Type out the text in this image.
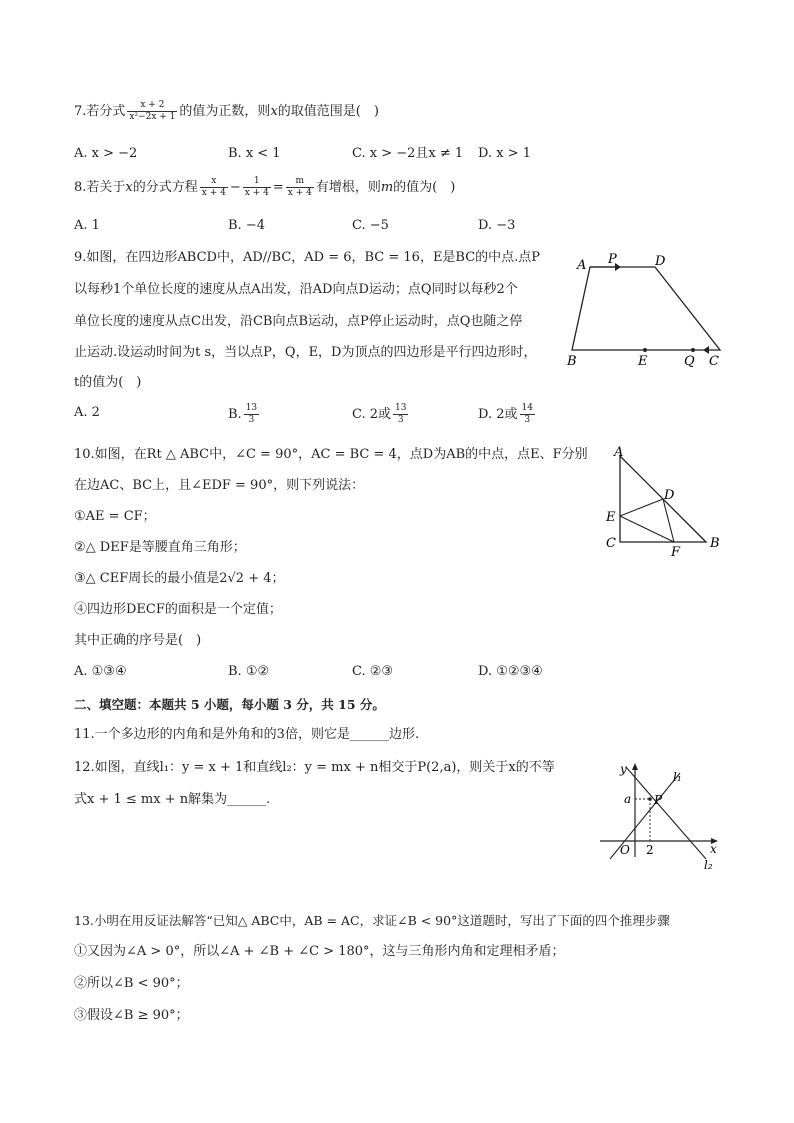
7.若分式 $\frac{x + 2}{\text{x²−2x + 1}}$ 的值为正数，则x的取值范围是(　)
A. x > −2	B. x < 1	C. x > −2且x ≠ 1 D. x > 1
8.若关于x的分式方程 $\frac{x}{x + 4} - \frac{1}{x + 4} = \frac{m}{x + 4}$ 有增根，则m的值为(　)
A. 1	B. −4	C. −5	D. −3
9.如图，在四边形ABCD中，AD//BC，AD = 6，BC = 16，E是BC的中点.点P
以每秒1个单位长度的速度从点A出发，沿AD向点D运动；点Q同时以每秒2个
单位长度的速度从点C出发，沿CB向点B运动，点P停止运动时，点Q也随之停
止运动.设运动时间为t s，当以点P，Q，E，D为顶点的四边形是平行四边形时，
t的值为(　)
A. 2	B. $\frac{13}{3}$	C. 2或 $\frac{13}{3}$	D. 2或 $\frac{14}{3}$
A P	D
B	E	Q C
10.如图，在Rt △ ABC中，∠C = 90°，AC = BC = 4，点D为AB的中点，点E、F分别
在边AC、BC上，且∠EDF = 90°，则下列说法：
①AE = CF；
②△ DEF是等腰直角三角形；
③△ CEF周长的最小值是2√2 + 4；
④四边形DECF的面积是一个定值；
其中正确的序号是(　)
A. ①③④	B. ①②	C. ②③	D. ①②③④
A
D
E
C
F
B
二、填空题：本题共 5 小题，每小题 3 分，共 15 分。
11.一个多边形的内角和是外角和的3倍，则它是______边形.
12.如图，直线l₁：y = x + 1和直线l₂：y = mx + n相交于P(2,a)，则关于x的不等
式x + 1 ≤ mx + n解集为______.
y
x
a P
O 2
l₁
l₂
13.小明在用反证法解答“已知△ ABC中，AB = AC，求证∠B < 90°这道题时，写出了下面的四个推理步骤
①又因为∠A > 0°，所以∠A + ∠B + ∠C > 180°，这与三角形内角和定理相矛盾；
②所以∠B < 90°；
③假设∠B ≥ 90°；
